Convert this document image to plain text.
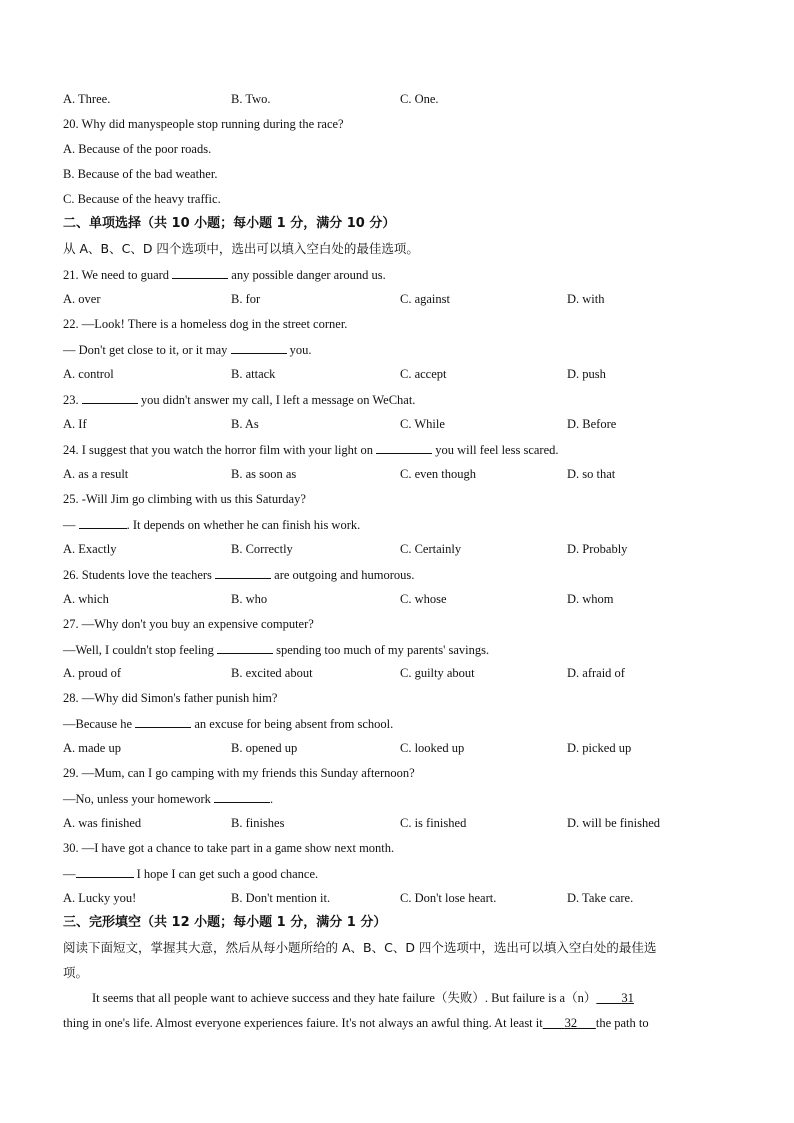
A. Three.	B. Two.	C. One.
20. Why did manyspeople stop running during the race?
A. Because of the poor roads.
B. Because of the bad weather.
C. Because of the heavy traffic.
二、单项选择（共 10 小题；每小题 1 分，满分 10 分）
从 A、B、C、D 四个选项中，选出可以填入空白处的最佳选项。
21. We need to guard	any possible danger around us.
A. over	B. for	C. against	D. with
22. —Look! There is a homeless dog in the street corner.
— Don't get close to it, or it may	you.
A. control	B. attack	C. accept	D. push
23.	you didn't answer my call, I left a message on WeChat.
A. If	B. As	C. While	D. Before
24. I suggest that you watch the horror film with your light on	you will feel less scared.
A. as a result	B. as soon as	C. even though	D. so that
25. -Will Jim go climbing with us this Saturday?
—	. It depends on whether he can finish his work.
A. Exactly	B. Correctly	C. Certainly	D. Probably
26. Students love the teachers	are outgoing and humorous.
A. which	B. who	C. whose	D. whom
27. —Why don't you buy an expensive computer?
—Well, I couldn't stop feeling	spending too much of my parents' savings.
A. proud of	B. excited about	C. guilty about	D. afraid of
28. —Why did Simon's father punish him?
—Because he	an excuse for being absent from school.
A. made up	B. opened up	C. looked up	D. picked up
29. —Mum, can I go camping with my friends this Sunday afternoon?
—No, unless your homework	.
A. was finished	B. finishes	C. is finished	D. will be finished
30. —I have got a chance to take part in a game show next month.
—	I hope I can get such a good chance.
A. Lucky you!	B. Don't mention it.	C. Don't lose heart.	D. Take care.
三、完形填空（共 12 小题；每小题 1 分，满分 1 分）
阅读下面短文，掌握其大意，然后从每小题所给的 A、B、C、D 四个选项中，选出可以填入空白处的最佳选
项。
It seems that all people want to achieve success and they hate failure（失败）. But failure is a（n） 31
thing in one's life. Almost everyone experiences faiure. It's not always an awful thing. At least it 32 the path to
